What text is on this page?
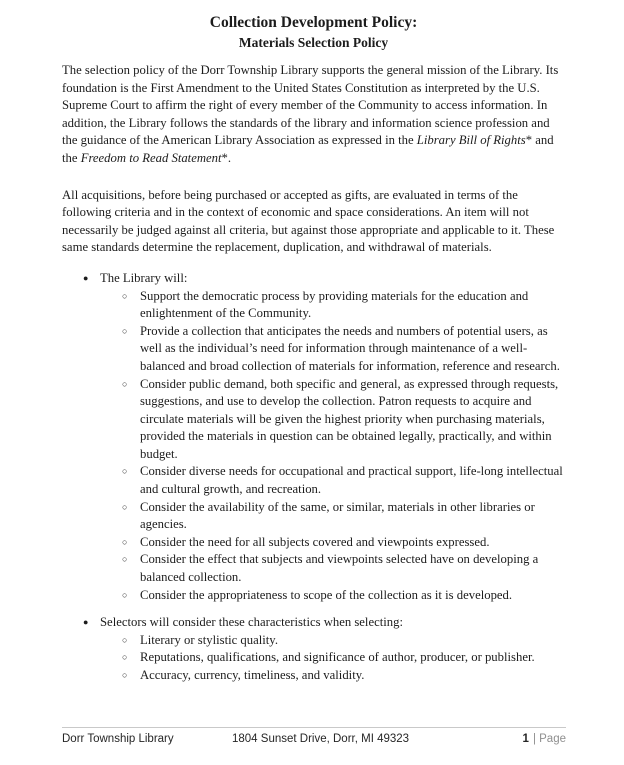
Collection Development Policy:
Materials Selection Policy

The selection policy of the Dorr Township Library supports the general mission of the Library. Its foundation is the First Amendment to the United States Constitution as interpreted by the U.S. Supreme Court to affirm the right of every member of the Community to access information. In addition, the Library follows the standards of the library and information science profession and the guidance of the American Library Association as expressed in the Library Bill of Rights* and the Freedom to Read Statement*.

All acquisitions, before being purchased or accepted as gifts, are evaluated in terms of the following criteria and in the context of economic and space considerations. An item will not necessarily be judged against all criteria, but against those appropriate and applicable to it. These same standards determine the replacement, duplication, and withdrawal of materials.

● The Library will:
○ Support the democratic process by providing materials for the education and enlightenment of the Community.
○ Provide a collection that anticipates the needs and numbers of potential users, as well as the individual’s need for information through maintenance of a well-balanced and broad collection of materials for information, reference and research.
○ Consider public demand, both specific and general, as expressed through requests, suggestions, and use to develop the collection. Patron requests to acquire and circulate materials will be given the highest priority when purchasing materials, provided the materials in question can be obtained legally, practically, and within budget.
○ Consider diverse needs for occupational and practical support, life-long intellectual and cultural growth, and recreation.
○ Consider the availability of the same, or similar, materials in other libraries or agencies.
○ Consider the need for all subjects covered and viewpoints expressed.
○ Consider the effect that subjects and viewpoints selected have on developing a balanced collection.
○ Consider the appropriateness to scope of the collection as it is developed.
● Selectors will consider these characteristics when selecting:
○ Literary or stylistic quality.
○ Reputations, qualifications, and significance of author, producer, or publisher.
○ Accuracy, currency, timeliness, and validity.
Dorr Township Library	1804 Sunset Drive, Dorr, MI 49323	1 | Page
